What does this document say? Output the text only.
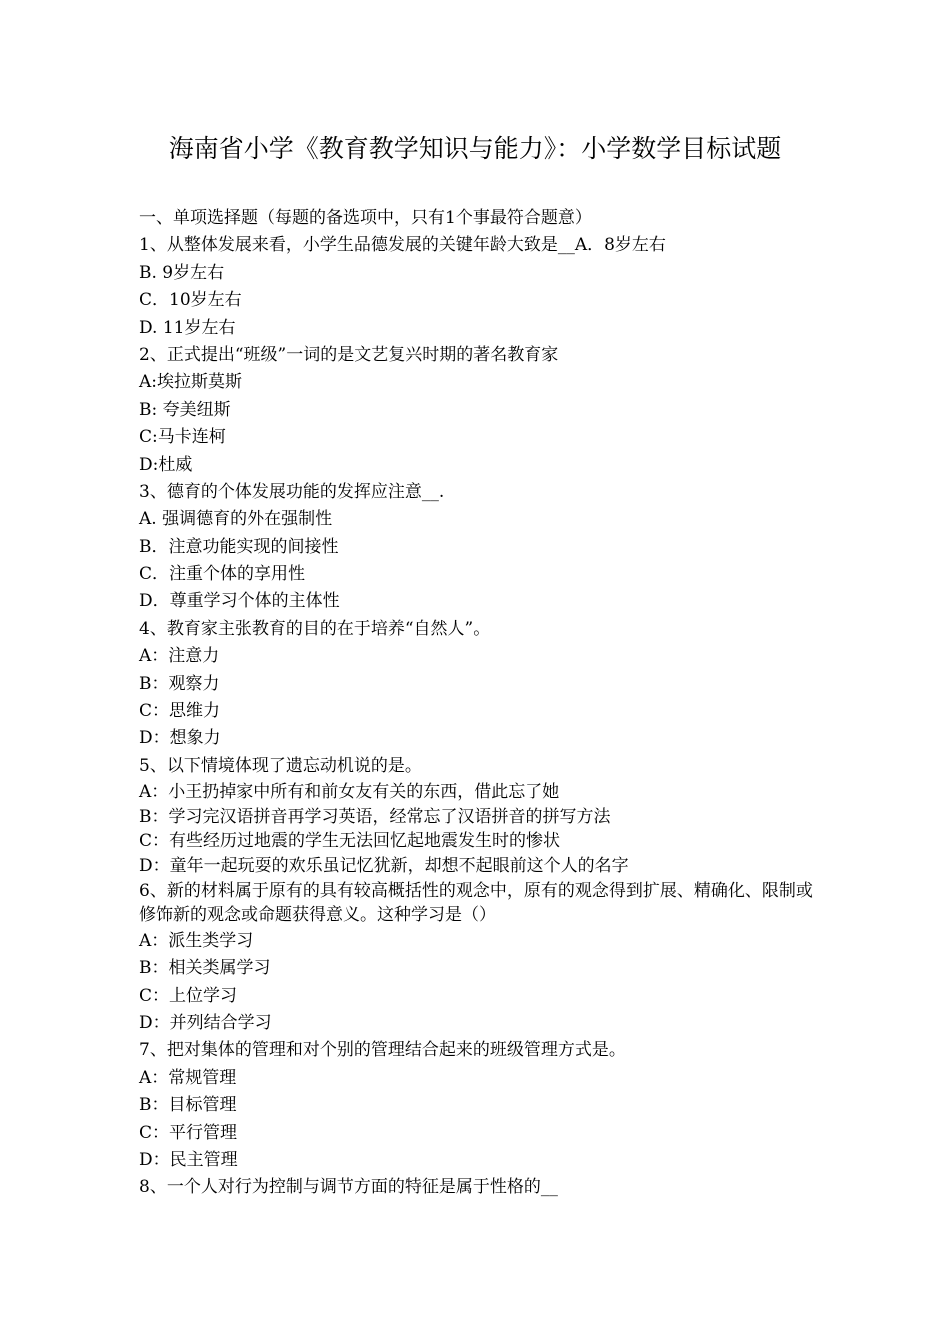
海南省小学《教育教学知识与能力》：小学数学目标试题
一、单项选择题（每题的备选项中，只有1个事最符合题意）
1、从整体发展来看，小学生品德发展的关键年龄大致是__A．8岁左右
B. 9岁左右
C．10岁左右
D. 11岁左右
2、正式提出“班级”一词的是文艺复兴时期的著名教育家
A:埃拉斯莫斯
B: 夸美纽斯
C:马卡连柯
D:杜威
3、德育的个体发展功能的发挥应注意__.
A. 强调德育的外在强制性
B．注意功能实现的间接性
C．注重个体的享用性
D．尊重学习个体的主体性
4、教育家主张教育的目的在于培养“自然人”。
A：注意力
B：观察力
C：思维力
D：想象力
5、以下情境体现了遗忘动机说的是。
A：小王扔掉家中所有和前女友有关的东西，借此忘了她
B：学习完汉语拼音再学习英语，经常忘了汉语拼音的拼写方法
C：有些经历过地震的学生无法回忆起地震发生时的惨状
D：童年一起玩耍的欢乐虽记忆犹新，却想不起眼前这个人的名字
6、新的材料属于原有的具有较高概括性的观念中，原有的观念得到扩展、精确化、限制或修饰新的观念或命题获得意义。这种学习是（）
A：派生类学习
B：相关类属学习
C：上位学习
D：并列结合学习
7、把对集体的管理和对个别的管理结合起来的班级管理方式是。
A：常规管理
B：目标管理
C：平行管理
D：民主管理
8、一个人对行为控制与调节方面的特征是属于性格的__
